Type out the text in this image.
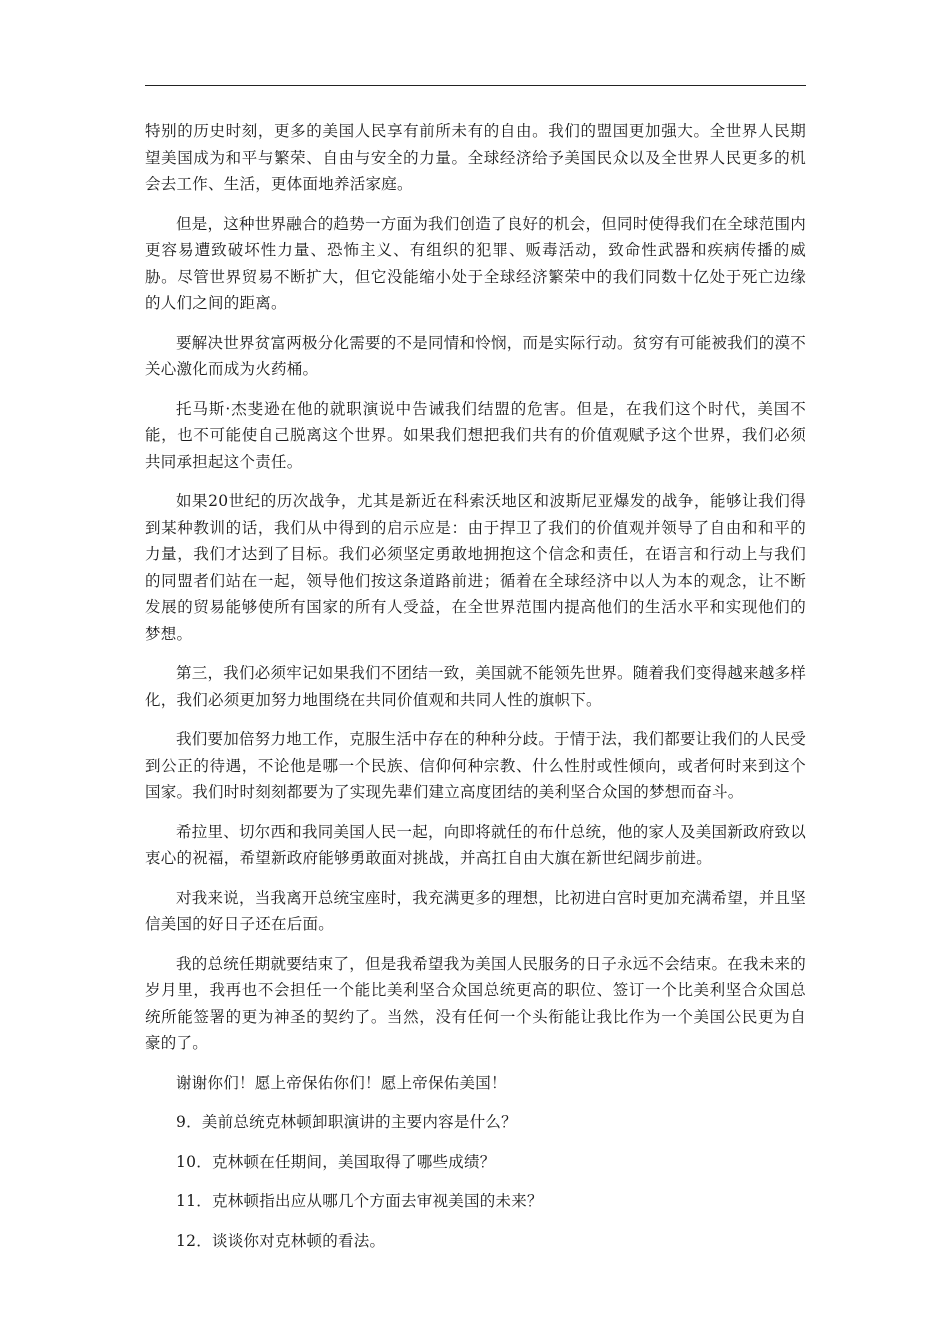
特别的历史时刻，更多的美国人民享有前所未有的自由。我们的盟国更加强大。全世界人民期望美国成为和平与繁荣、自由与安全的力量。全球经济给予美国民众以及全世界人民更多的机会去工作、生活，更体面地养活家庭。

但是，这种世界融合的趋势一方面为我们创造了良好的机会，但同时使得我们在全球范围内更容易遭致破坏性力量、恐怖主义、有组织的犯罪、贩毒活动，致命性武器和疾病传播的威胁。尽管世界贸易不断扩大，但它没能缩小处于全球经济繁荣中的我们同数十亿处于死亡边缘的人们之间的距离。

要解决世界贫富两极分化需要的不是同情和怜悯，而是实际行动。贫穷有可能被我们的漠不关心激化而成为火药桶。

托马斯·杰斐逊在他的就职演说中告诫我们结盟的危害。但是，在我们这个时代，美国不能，也不可能使自己脱离这个世界。如果我们想把我们共有的价值观赋予这个世界，我们必须共同承担起这个责任。

如果20世纪的历次战争，尤其是新近在科索沃地区和波斯尼亚爆发的战争，能够让我们得到某种教训的话，我们从中得到的启示应是：由于捍卫了我们的价值观并领导了自由和和平的力量，我们才达到了目标。我们必须坚定勇敢地拥抱这个信念和责任，在语言和行动上与我们的同盟者们站在一起，领导他们按这条道路前进；循着在全球经济中以人为本的观念，让不断发展的贸易能够使所有国家的所有人受益，在全世界范围内提高他们的生活水平和实现他们的梦想。

第三，我们必须牢记如果我们不团结一致，美国就不能领先世界。随着我们变得越来越多样化，我们必须更加努力地围绕在共同价值观和共同人性的旗帜下。

我们要加倍努力地工作，克服生活中存在的种种分歧。于情于法，我们都要让我们的人民受到公正的待遇，不论他是哪一个民族、信仰何种宗教、什么性肘或性倾向，或者何时来到这个国家。我们时时刻刻都要为了实现先辈们建立高度团结的美利坚合众国的梦想而奋斗。

希拉里、切尔西和我同美国人民一起，向即将就任的布什总统，他的家人及美国新政府致以衷心的祝福，希望新政府能够勇敢面对挑战，并高扛自由大旗在新世纪阔步前进。

对我来说，当我离开总统宝座时，我充满更多的理想，比初进白宫时更加充满希望，并且坚信美国的好日子还在后面。

我的总统任期就要结束了，但是我希望我为美国人民服务的日子永远不会结束。在我未来的岁月里，我再也不会担任一个能比美利坚合众国总统更高的职位、签订一个比美利坚合众国总统所能签署的更为神圣的契约了。当然，没有任何一个头衔能让我比作为一个美国公民更为自豪的了。

谢谢你们！愿上帝保佑你们！愿上帝保佑美国！

9．美前总统克林顿卸职演讲的主要内容是什么？

10．克林顿在任期间，美国取得了哪些成绩？

11．克林顿指出应从哪几个方面去审视美国的未来？

12．谈谈你对克林顿的看法。
